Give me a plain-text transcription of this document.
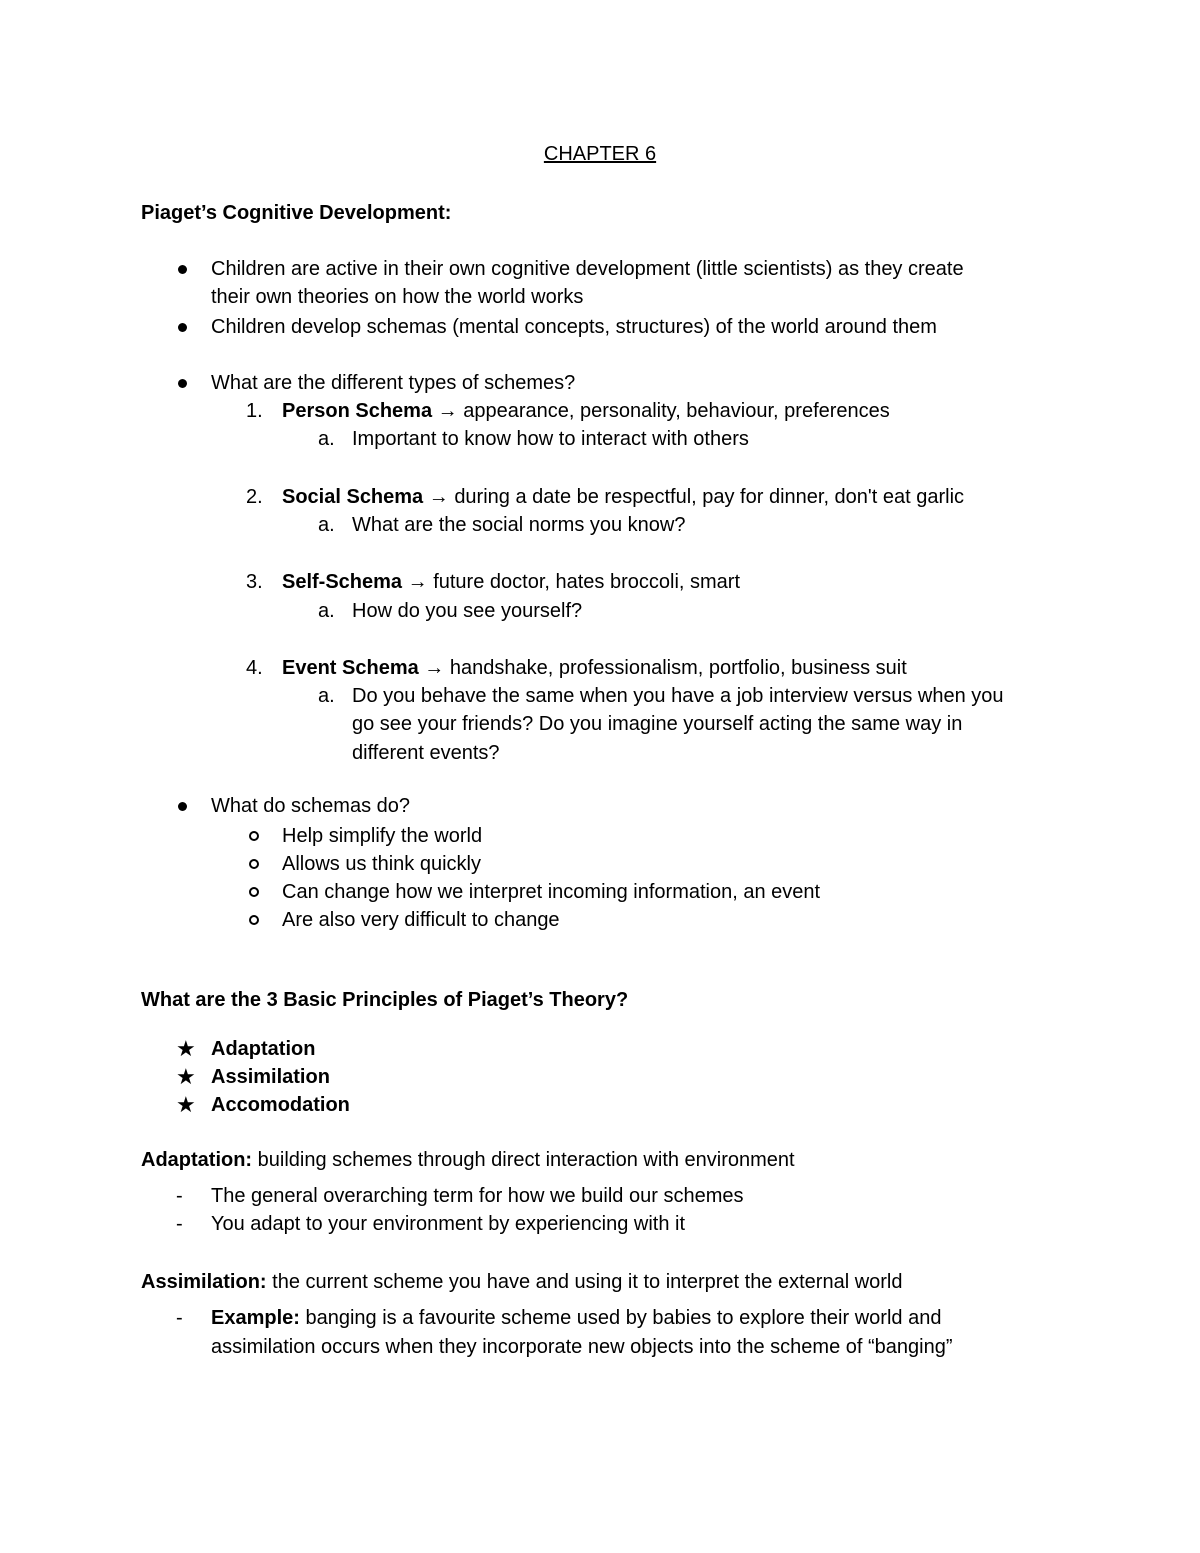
CHAPTER 6
Piaget’s Cognitive Development:
Children are active in their own cognitive development (little scientists) as they create
their own theories on how the world works
Children develop schemas (mental concepts, structures) of the world around them
What are the different types of schemes?
1. Person Schema → appearance, personality, behaviour, preferences
a. Important to know how to interact with others
2. Social Schema → during a date be respectful, pay for dinner, don't eat garlic
a. What are the social norms you know?
3. Self-Schema → future doctor, hates broccoli, smart
a. How do you see yourself?
4. Event Schema → handshake, professionalism, portfolio, business suit
a. Do you behave the same when you have a job interview versus when you
go see your friends? Do you imagine yourself acting the same way in
different events?
What do schemas do?
Help simplify the world
Allows us think quickly
Can change how we interpret incoming information, an event
Are also very difficult to change
What are the 3 Basic Principles of Piaget’s Theory?
★ Adaptation
★ Assimilation
★ Accomodation
Adaptation: building schemes through direct interaction with environment
- The general overarching term for how we build our schemes
- You adapt to your environment by experiencing with it
Assimilation: the current scheme you have and using it to interpret the external world
- Example: banging is a favourite scheme used by babies to explore their world and
assimilation occurs when they incorporate new objects into the scheme of “banging”
